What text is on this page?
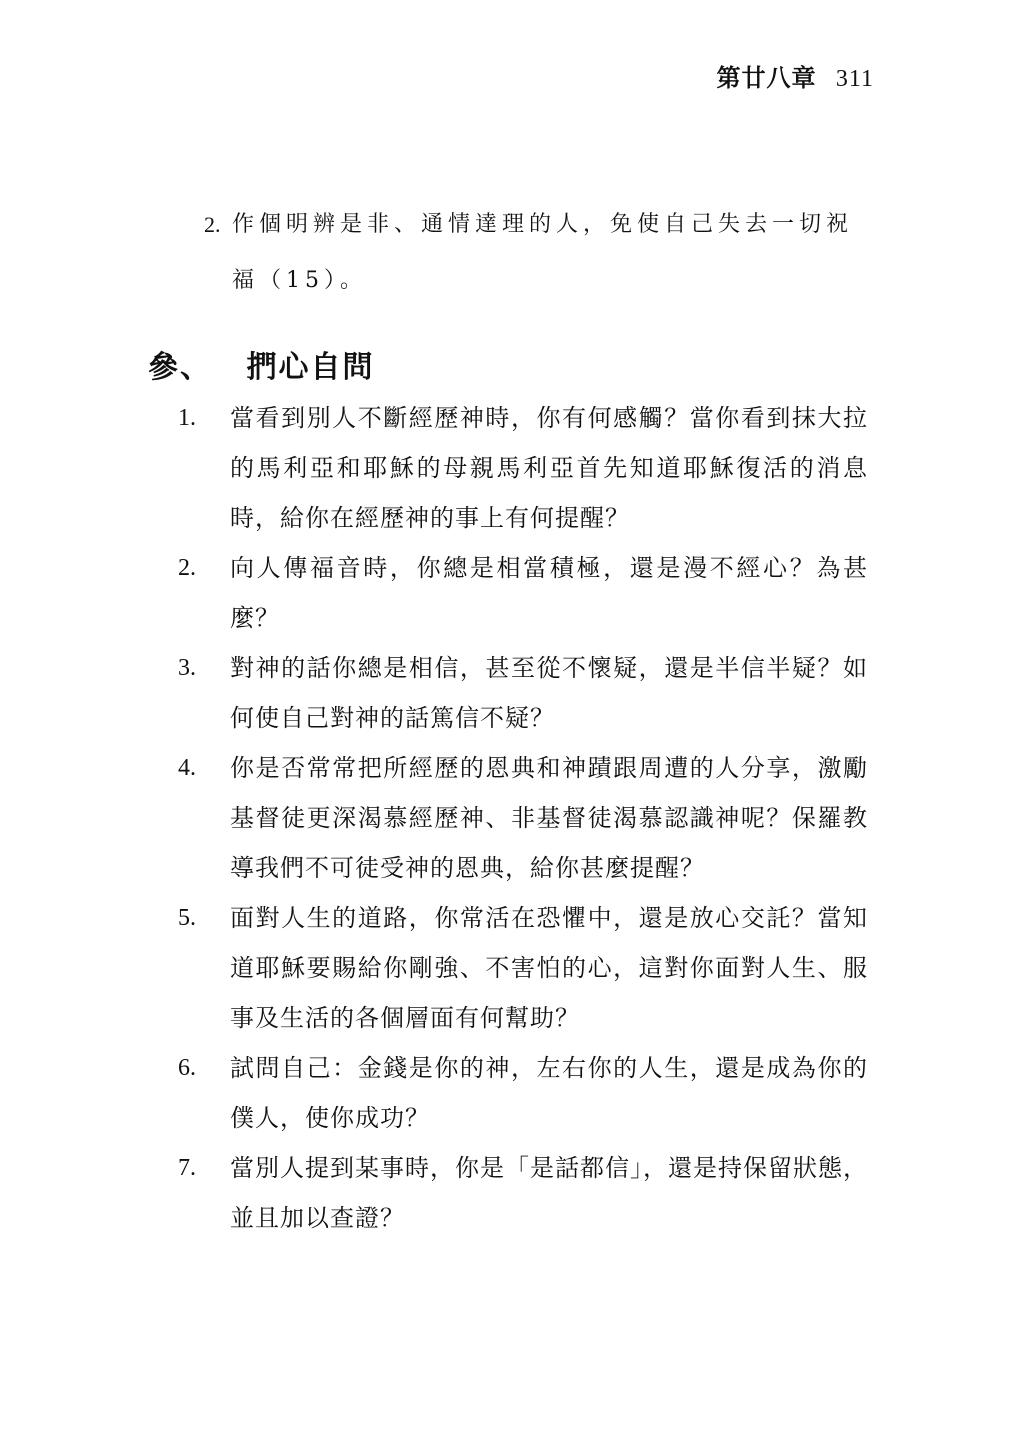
第廿八章 311
2. 作個明辨是非、通情達理的人，免使自己失去一切祝福（15）。
參、 捫心自問
1. 當看到別人不斷經歷神時，你有何感觸？當你看到抹大拉的馬利亞和耶穌的母親馬利亞首先知道耶穌復活的消息時，給你在經歷神的事上有何提醒？
2. 向人傳福音時，你總是相當積極，還是漫不經心？為甚麼？
3. 對神的話你總是相信，甚至從不懷疑，還是半信半疑？如何使自己對神的話篤信不疑？
4. 你是否常常把所經歷的恩典和神蹟跟周遭的人分享，激勵基督徒更深渴慕經歷神、非基督徒渴慕認識神呢？保羅教導我們不可徒受神的恩典，給你甚麼提醒？
5. 面對人生的道路，你常活在恐懼中，還是放心交託？當知道耶穌要賜給你剛強、不害怕的心，這對你面對人生、服事及生活的各個層面有何幫助？
6. 試問自己：金錢是你的神，左右你的人生，還是成為你的僕人，使你成功？
7. 當別人提到某事時，你是「是話都信」，還是持保留狀態，並且加以查證？
